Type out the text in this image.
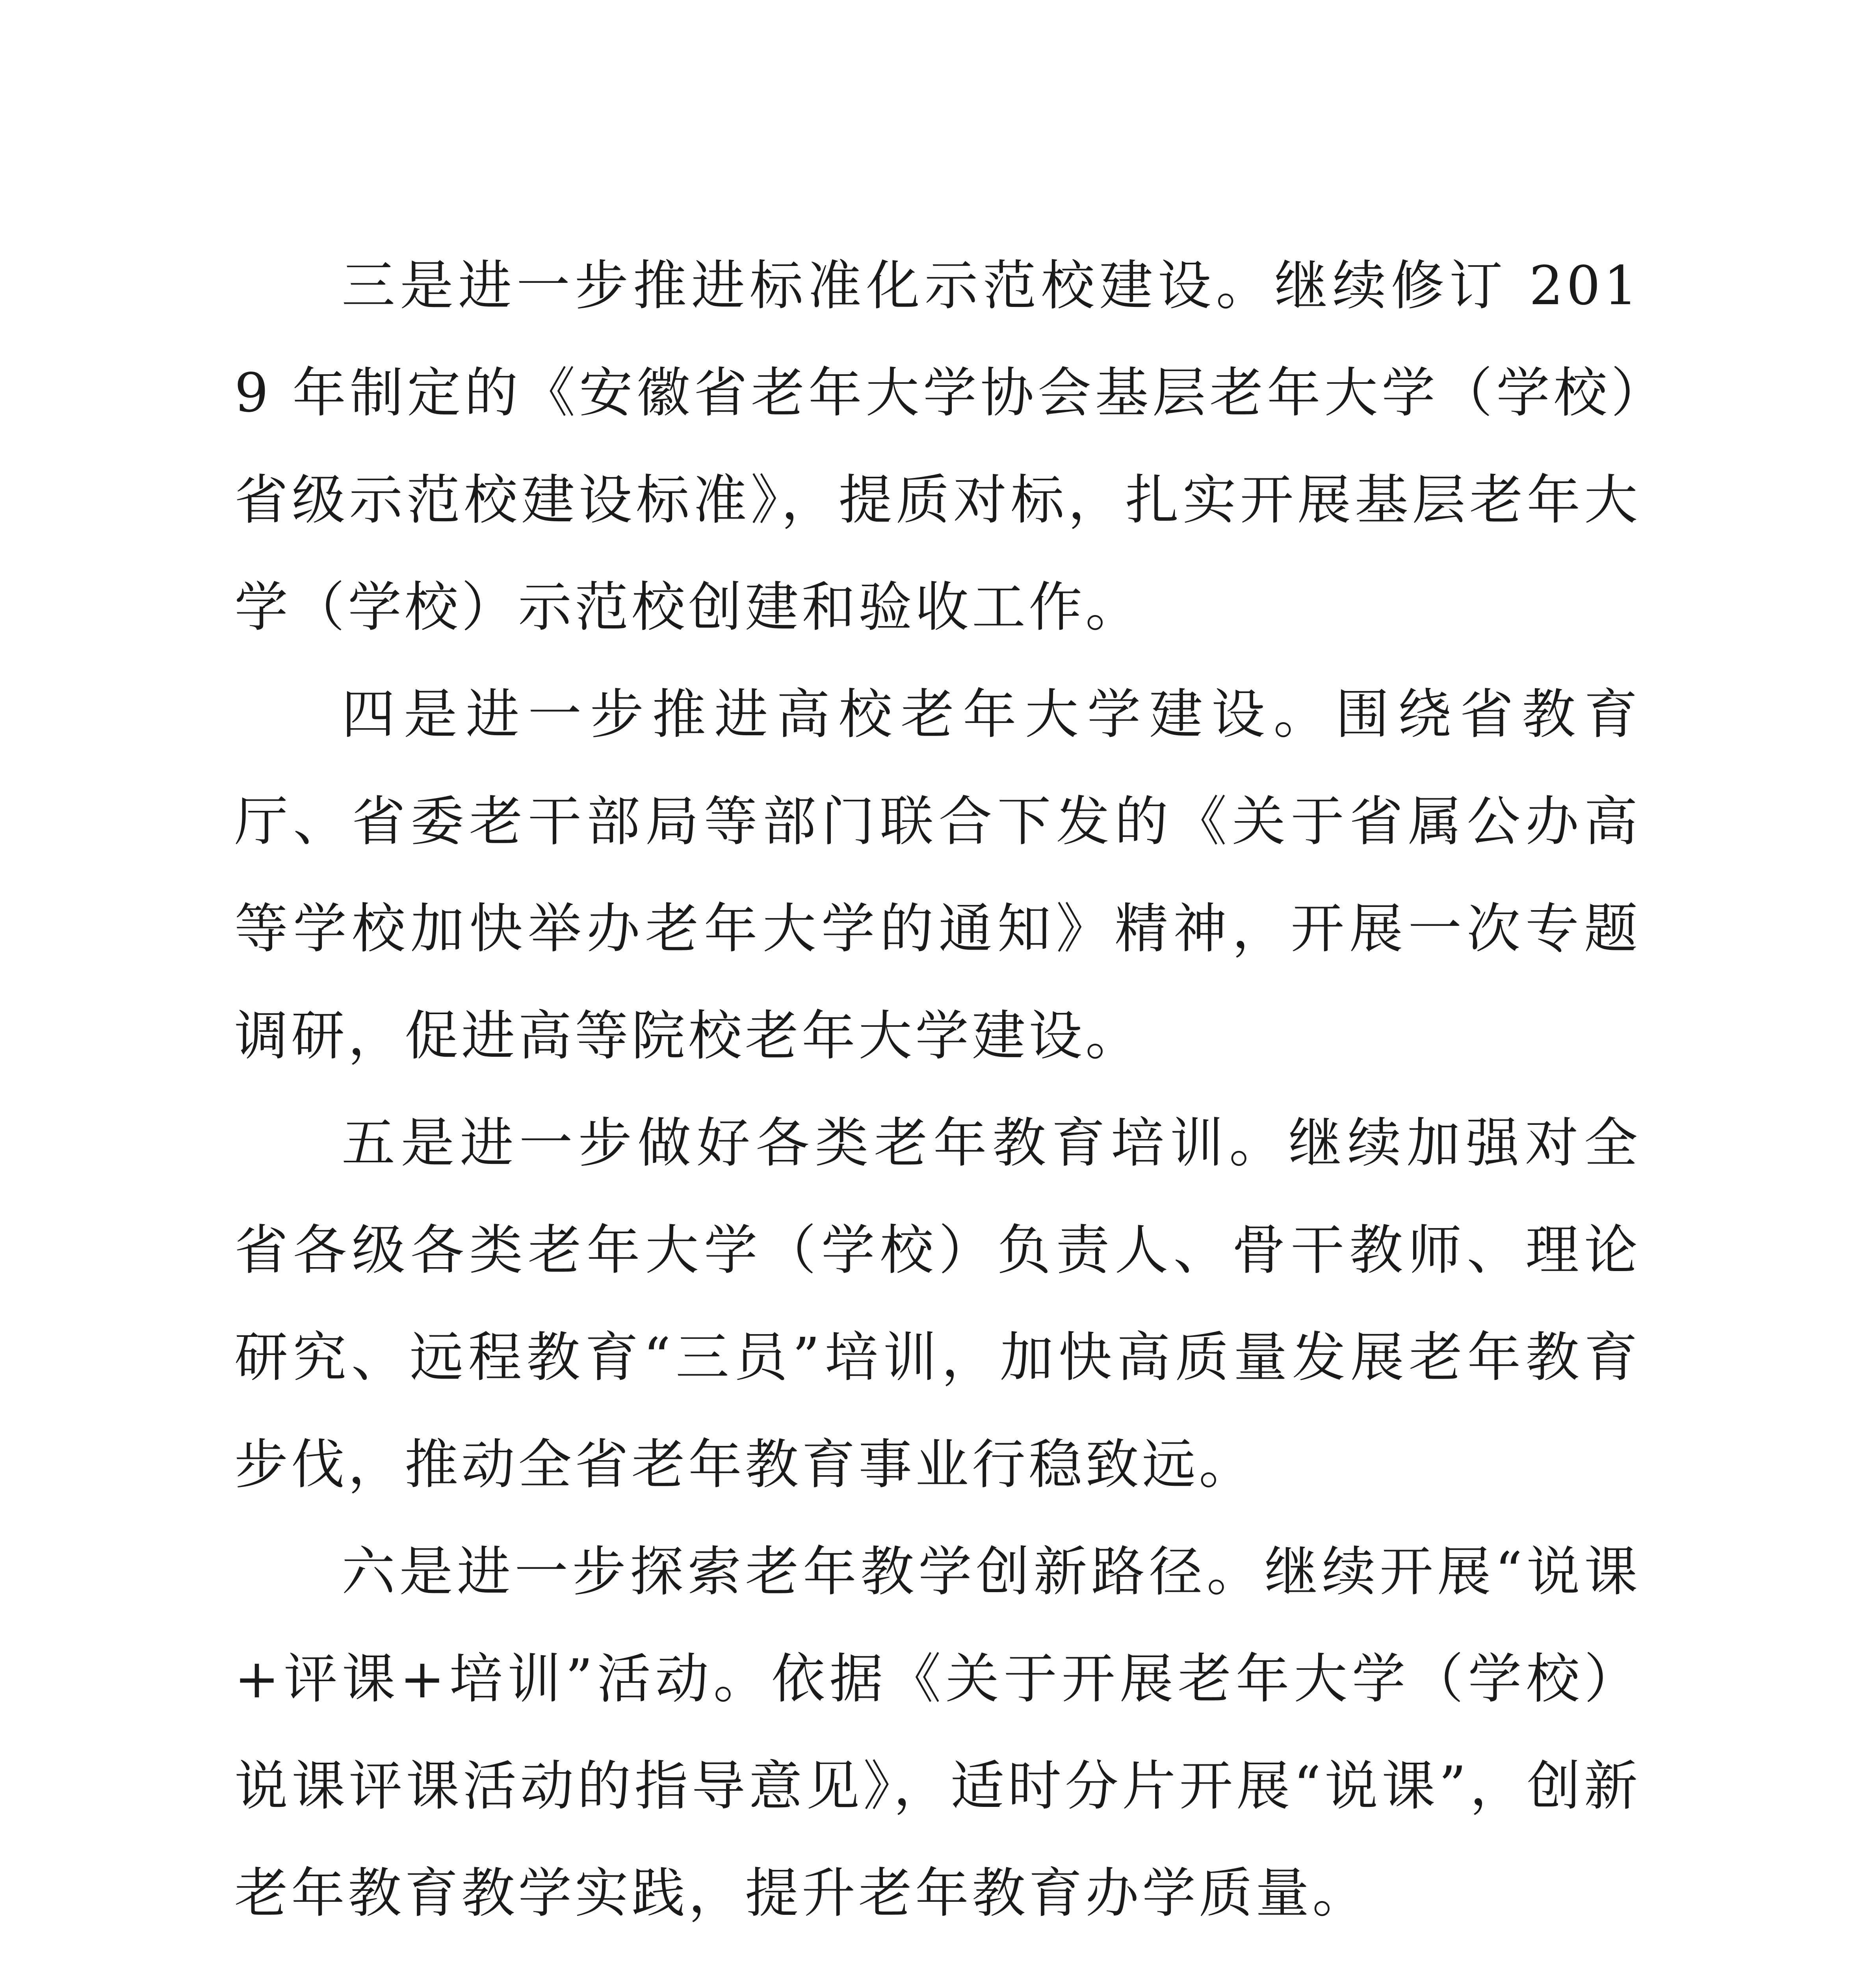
三是进一步推进标准化示范校建设。继续修订 2019 年制定的《安徽省老年大学协会基层老年大学（学校）省级示范校建设标准》，提质对标，扎实开展基层老年大学（学校）示范校创建和验收工作。

四是进一步推进高校老年大学建设。围绕省教育厅、省委老干部局等部门联合下发的《关于省属公办高等学校加快举办老年大学的通知》精神，开展一次专题调研，促进高等院校老年大学建设。

五是进一步做好各类老年教育培训。继续加强对全省各级各类老年大学（学校）负责人、骨干教师、理论研究、远程教育“三员”培训，加快高质量发展老年教育步伐，推动全省老年教育事业行稳致远。

六是进一步探索老年教学创新路径。继续开展“说课+评课+培训”活动。依据《关于开展老年大学（学校）说课评课活动的指导意见》，适时分片开展“说课”，创新老年教育教学实践，提升老年教育办学质量。
